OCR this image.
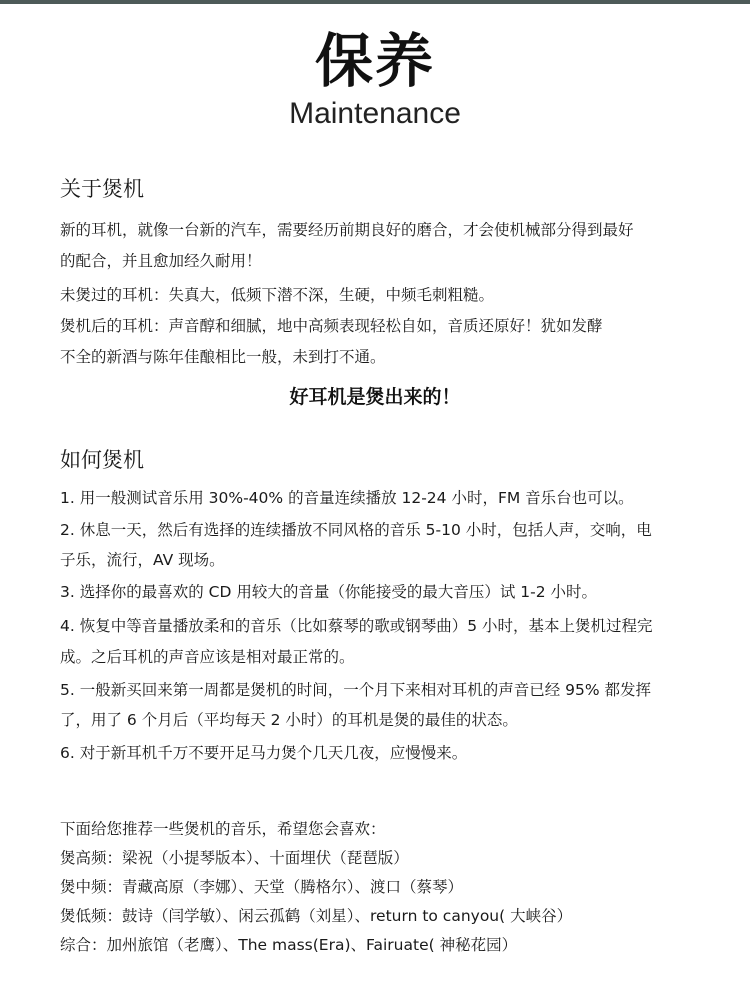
保养
Maintenance
关于煲机
新的耳机，就像一台新的汽车，需要经历前期良好的磨合，才会使机械部分得到最好
的配合，并且愈加经久耐用！
未煲过的耳机：失真大，低频下潜不深，生硬，中频毛刺粗糙。
煲机后的耳机：声音醇和细腻，地中高频表现轻松自如，音质还原好！犹如发酵
不全的新酒与陈年佳酿相比一般，未到打不通。
好耳机是煲出来的！
如何煲机
1. 用一般测试音乐用 30%-40% 的音量连续播放 12-24 小时，FM 音乐台也可以。
2. 休息一天，然后有选择的连续播放不同风格的音乐 5-10 小时，包括人声，交响，电
子乐，流行，AV 现场。
3. 选择你的最喜欢的 CD 用较大的音量（你能接受的最大音压）试 1-2 小时。
4. 恢复中等音量播放柔和的音乐（比如蔡琴的歌或钢琴曲）5 小时，基本上煲机过程完
成。之后耳机的声音应该是相对最正常的。
5. 一般新买回来第一周都是煲机的时间，一个月下来相对耳机的声音已经 95% 都发挥
了，用了 6 个月后（平均每天 2 小时）的耳机是煲的最佳的状态。
6. 对于新耳机千万不要开足马力煲个几天几夜，应慢慢来。
下面给您推荐一些煲机的音乐，希望您会喜欢：
煲高频：梁祝（小提琴版本）、十面埋伏（琵琶版）
煲中频：青藏高原（李娜）、天堂（腾格尔）、渡口（蔡琴）
煲低频：鼓诗（闫学敏）、闲云孤鹤（刘星）、return to canyou( 大峡谷）
综合：加州旅馆（老鹰）、The mass(Era)、Fairuate( 神秘花园）
